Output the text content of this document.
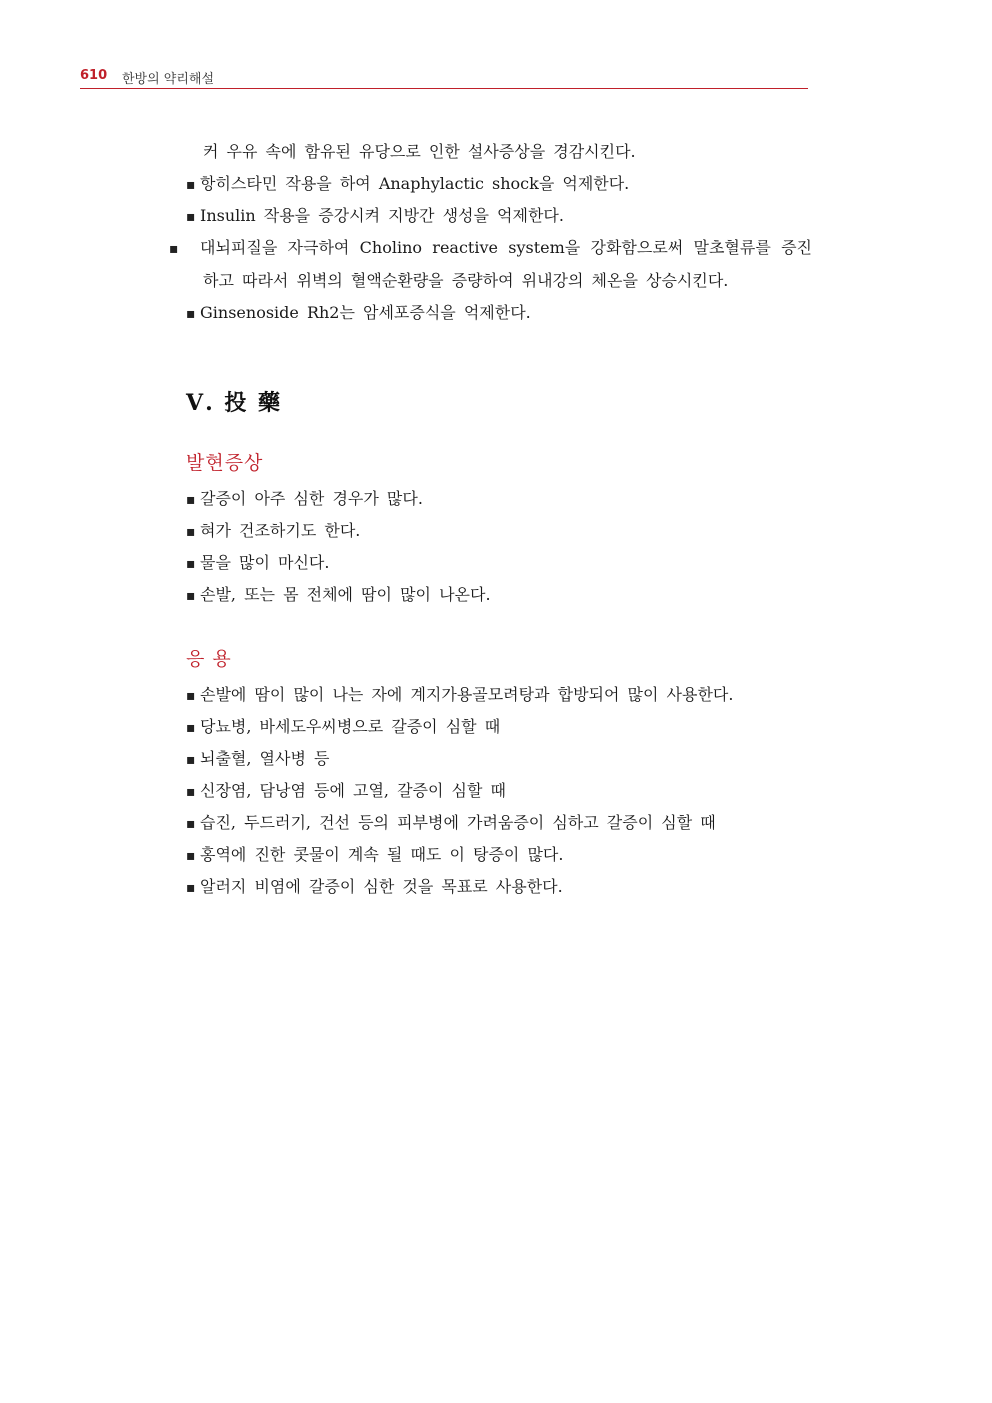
610 한방의 약리해설
커 우유 속에 함유된 유당으로 인한 설사증상을 경감시킨다.
▪ 항히스타민 작용을 하여 Anaphylactic shock을 억제한다.
▪ Insulin 작용을 증강시켜 지방간 생성을 억제한다.
▪ 대뇌피질을 자극하여 Cholino reactive system을 강화함으로써 말초혈류를 증진하고 따라서 위벽의 혈액순환량을 증량하여 위내강의 체온을 상승시킨다.
▪ Ginsenoside Rh2는 암세포증식을 억제한다.
Ⅴ. 投 藥
발현증상
▪ 갈증이 아주 심한 경우가 많다.
▪ 혀가 건조하기도 한다.
▪ 물을 많이 마신다.
▪ 손발, 또는 몸 전체에 땀이 많이 나온다.
응 용
▪ 손발에 땀이 많이 나는 자에 계지가용골모려탕과 합방되어 많이 사용한다.
▪ 당뇨병, 바세도우씨병으로 갈증이 심할 때
▪ 뇌출혈, 열사병 등
▪ 신장염, 담낭염 등에 고열, 갈증이 심할 때
▪ 습진, 두드러기, 건선 등의 피부병에 가려움증이 심하고 갈증이 심할 때
▪ 홍역에 진한 콧물이 계속 될 때도 이 탕증이 많다.
▪ 알러지 비염에 갈증이 심한 것을 목표로 사용한다.
